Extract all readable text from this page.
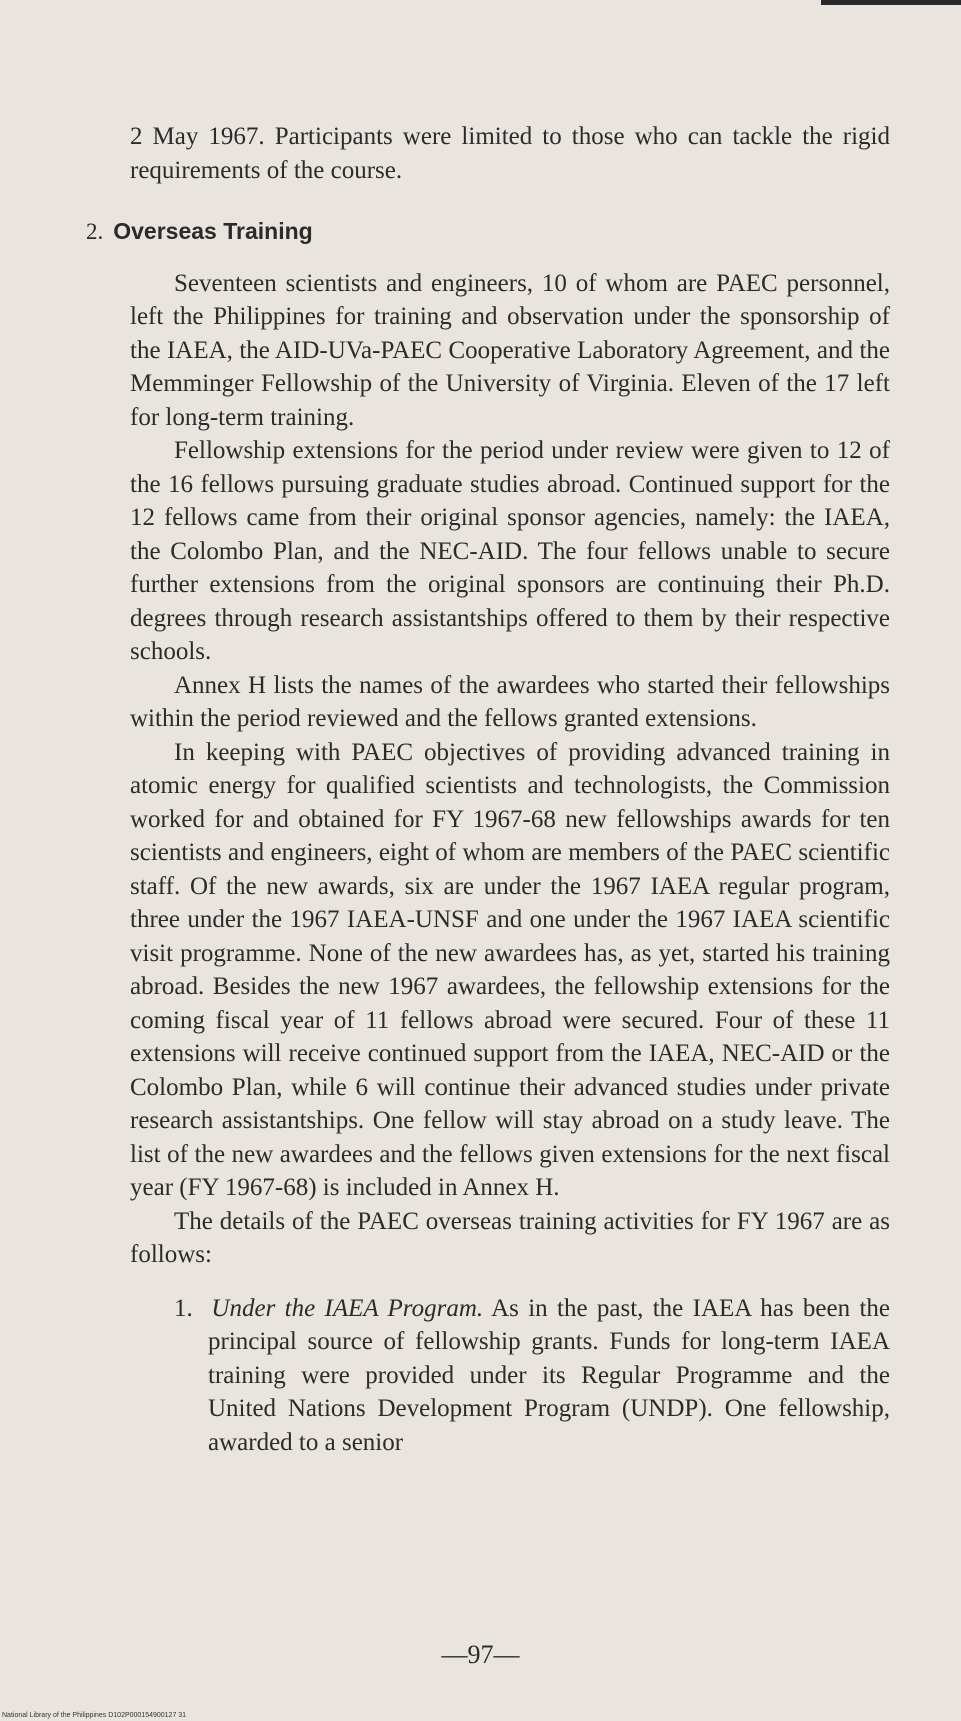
2 May 1967. Participants were limited to those who can tackle the rigid requirements of the course.

2. Overseas Training

Seventeen scientists and engineers, 10 of whom are PAEC personnel, left the Philippines for training and observation under the sponsorship of the IAEA, the AID-UVa-PAEC Cooperative Laboratory Agreement, and the Memminger Fellowship of the University of Virginia. Eleven of the 17 left for long-term training.

Fellowship extensions for the period under review were given to 12 of the 16 fellows pursuing graduate studies abroad. Continued support for the 12 fellows came from their original sponsor agencies, namely: the IAEA, the Colombo Plan, and the NEC-AID. The four fellows unable to secure further extensions from the original sponsors are continuing their Ph.D. degrees through research assistantships offered to them by their respective schools.

Annex H lists the names of the awardees who started their fellowships within the period reviewed and the fellows granted extensions.

In keeping with PAEC objectives of providing advanced training in atomic energy for qualified scientists and technologists, the Commission worked for and obtained for FY 1967-68 new fellowships awards for ten scientists and engineers, eight of whom are members of the PAEC scientific staff. Of the new awards, six are under the 1967 IAEA regular program, three under the 1967 IAEA-UNSF and one under the 1967 IAEA scientific visit programme. None of the new awardees has, as yet, started his training abroad. Besides the new 1967 awardees, the fellowship extensions for the coming fiscal year of 11 fellows abroad were secured. Four of these 11 extensions will receive continued support from the IAEA, NEC-AID or the Colombo Plan, while 6 will continue their advanced studies under private research assistantships. One fellow will stay abroad on a study leave. The list of the new awardees and the fellows given extensions for the next fiscal year (FY 1967-68) is included in Annex H.

The details of the PAEC overseas training activities for FY 1967 are as follows:

1. Under the IAEA Program. As in the past, the IAEA has been the principal source of fellowship grants. Funds for long-term IAEA training were provided under its Regular Programme and the United Nations Development Program (UNDP). One fellowship, awarded to a senior

—97—
National Library of the Philippines D102P000154900127 31
